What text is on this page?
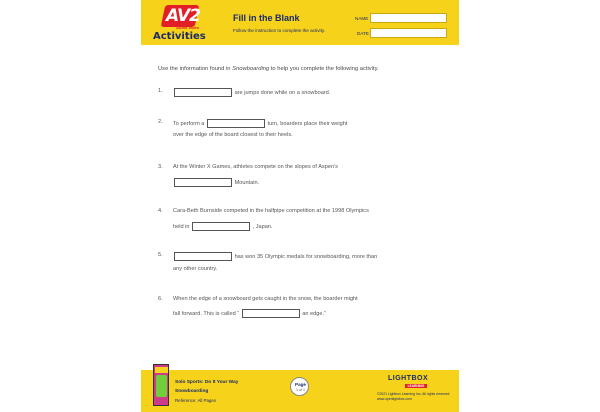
AV2
Audio Video
Activities
Fill in the Blank
Follow the instruction to complete the activity.
NAME
DATE
Use the information found in Snowboarding to help you complete the following activity.
1.	are jumps done while on a snowboard.
2. To perform a	turn, boarders place their weight
over the edge of the board closest to their heels.
3. At the Winter X Games, athletes compete on the slopes of Aspen's
Mountain.
4. Cara-Beth Burnside competed in the halfpipe competition at the 1998 Olympics
held in	, Japan.
5.	has won 35 Olympic medals for snowboarding, more than
any other country.
6. When the edge of a snowboard gets caught in the snow, the boarder might
fall forward. This is called “	an edge.”
Solo Sports: Do It Your Way
Snowboarding
Reference: All Pages
Page
1 of 1
LIGHTBOX
LEARNING
©2021 Lightbox Learning Inc. All rights reserved.
www.openlightbox.com
